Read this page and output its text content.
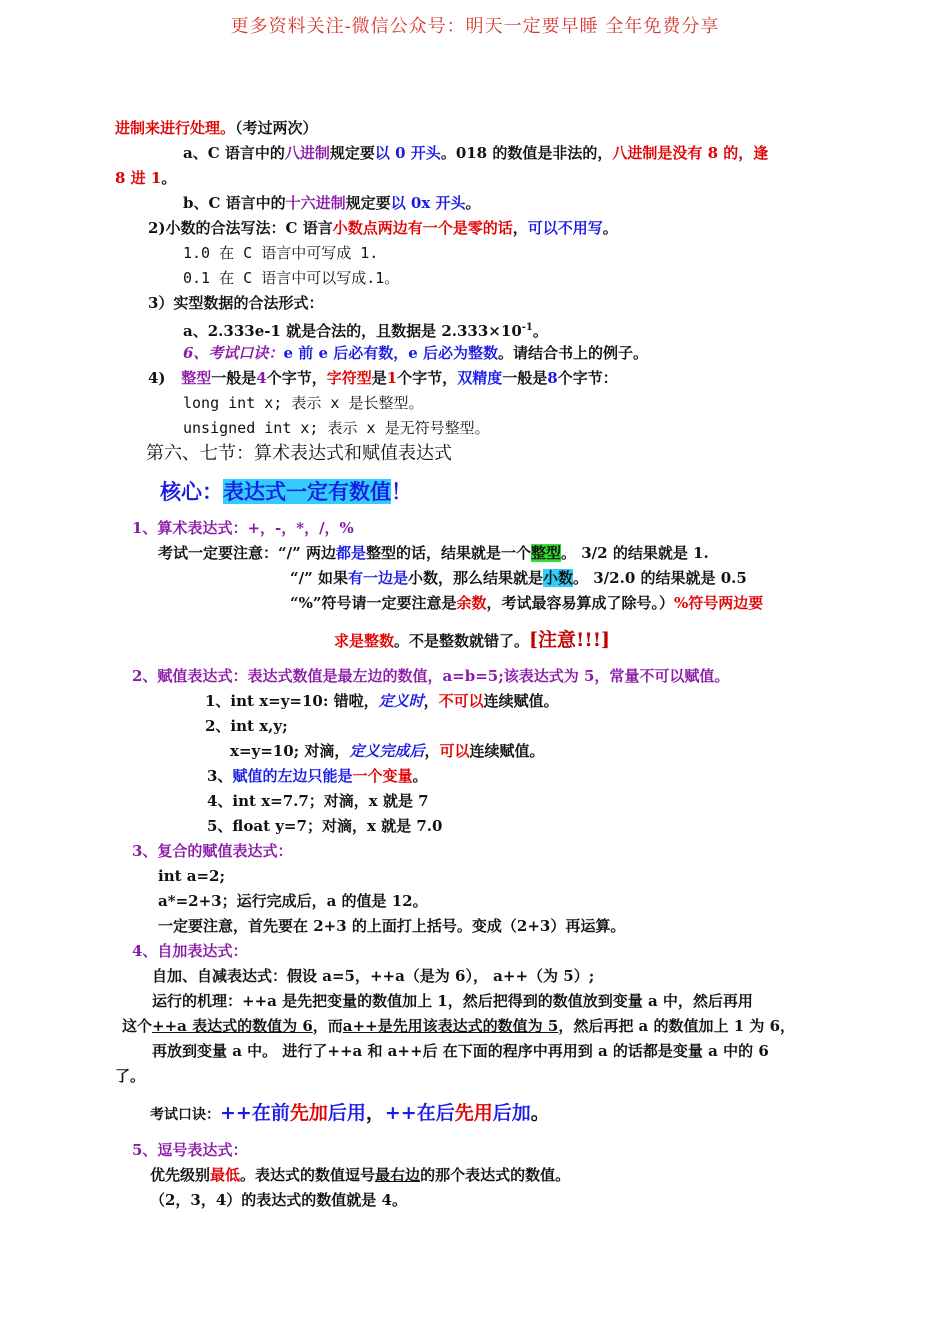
更多资料关注-微信公众号：明天一定要早睡 全年免费分享
进制来进行处理。（考过两次）
a、C 语言中的八进制规定要以 0 开头。018 的数值是非法的，八进制是没有 8 的，逢
8 进 1。
b、C 语言中的十六进制规定要以 0x 开头。
2)小数的合法写法：C 语言小数点两边有一个是零的话，可以不用写。
1.0 在 C 语言中可写成 1.
0.1 在 C 语言中可以写成.1。
3）实型数据的合法形式：
a、2.333e-1 就是合法的，且数据是 $2.333\times 10^{-1}$。
6、考试口诀：e 前 e 后必有数，e 后必为整数。请结合书上的例子。
4) 整型一般是4个字节，字符型是1个字节，双精度一般是8个字节：
long int x; 表示 x 是长整型。
unsigned int x; 表示 x 是无符号整型。
第六、七节：算术表达式和赋值表达式
核心：表达式一定有数值！
1、算术表达式：+，-，*，/，%
考试一定要注意：“/” 两边都是整型的话，结果就是一个整型。 3/2 的结果就是 1.
“/” 如果有一边是小数，那么结果就是小数。 3/2.0 的结果就是 0.5
“%”符号请一定要注意是余数，考试最容易算成了除号。）%符号两边要
求是整数。不是整数就错了。[注意!!!]
2、赋值表达式：表达式数值是最左边的数值，a=b=5;该表达式为 5，常量不可以赋值。
1、int x=y=10: 错啦，定义时，不可以连续赋值。
2、int x,y;
x=y=10; 对滴，定义完成后，可以连续赋值。
3、赋值的左边只能是一个变量。
4、int x=7.7；对滴，x 就是 7
5、float y=7；对滴，x 就是 7.0
3、复合的赋值表达式：
int a=2;
a*=2+3；运行完成后，a 的值是 12。
一定要注意，首先要在 2+3 的上面打上括号。变成（2+3）再运算。
4、自加表达式：
自加、自减表达式：假设 a=5，++a（是为 6）， a++（为 5）;
运行的机理：++a 是先把变量的数值加上 1，然后把得到的数值放到变量 a 中，然后再用
这个++a 表达式的数值为 6，而a++是先用该表达式的数值为 5，然后再把 a 的数值加上 1 为 6，
再放到变量 a 中。 进行了++a 和 a++后 在下面的程序中再用到 a 的话都是变量 a 中的 6
了。
考试口诀：++在前先加后用，++在后先用后加。
5、逗号表达式：
优先级别最低。表达式的数值逗号最右边的那个表达式的数值。
（2，3，4）的表达式的数值就是 4。
